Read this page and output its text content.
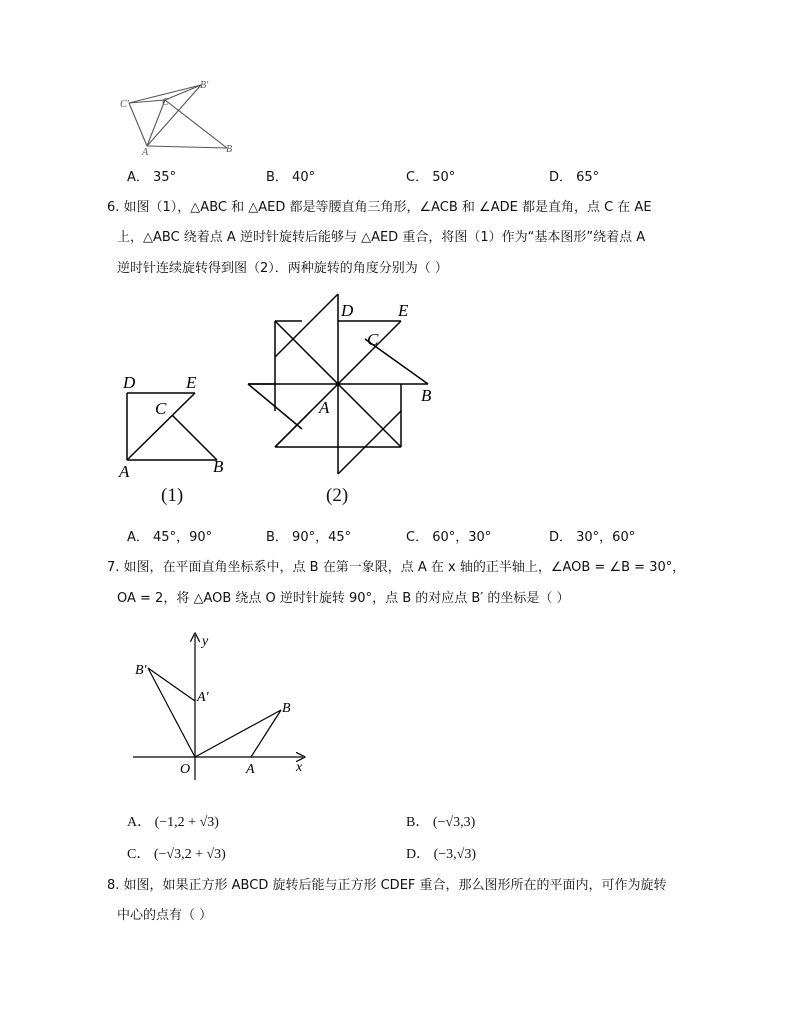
C'	C
B'
A	B
A． 35°	B． 40°	C． 50°	D． 65°
6. 如图（1），△ABC 和 △AED 都是等腰直角三角形，∠ACB 和 ∠ADE 都是直角，点 C 在 AE
上，△ABC 绕着点 A 逆时针旋转后能够与 △AED 重合，将图（1）作为“基本图形”绕着点 A
逆时针连续旋转得到图（2）．两种旋转的角度分别为（ ）
D	E
C
A	B
(1)
D	E
C
A
B
(2)
A． 45°，90°	B． 90°，45°	C． 60°，30°	D． 30°，60°
7. 如图，在平面直角坐标系中，点 B 在第一象限，点 A 在 x 轴的正半轴上，∠AOB = ∠B = 30°，
OA = 2，将 △AOB 绕点 O 逆时针旋转 90°，点 B 的对应点 B′ 的坐标是（ ）
y
B′
A′
B
O	A	x
A． (−1,2 + √3)	B． (−√3,3)
C． (−√3,2 + √3)	D． (−3,√3)
8. 如图，如果正方形 ABCD 旋转后能与正方形 CDEF 重合，那么图形所在的平面内，可作为旋转
中心的点有（ ）
